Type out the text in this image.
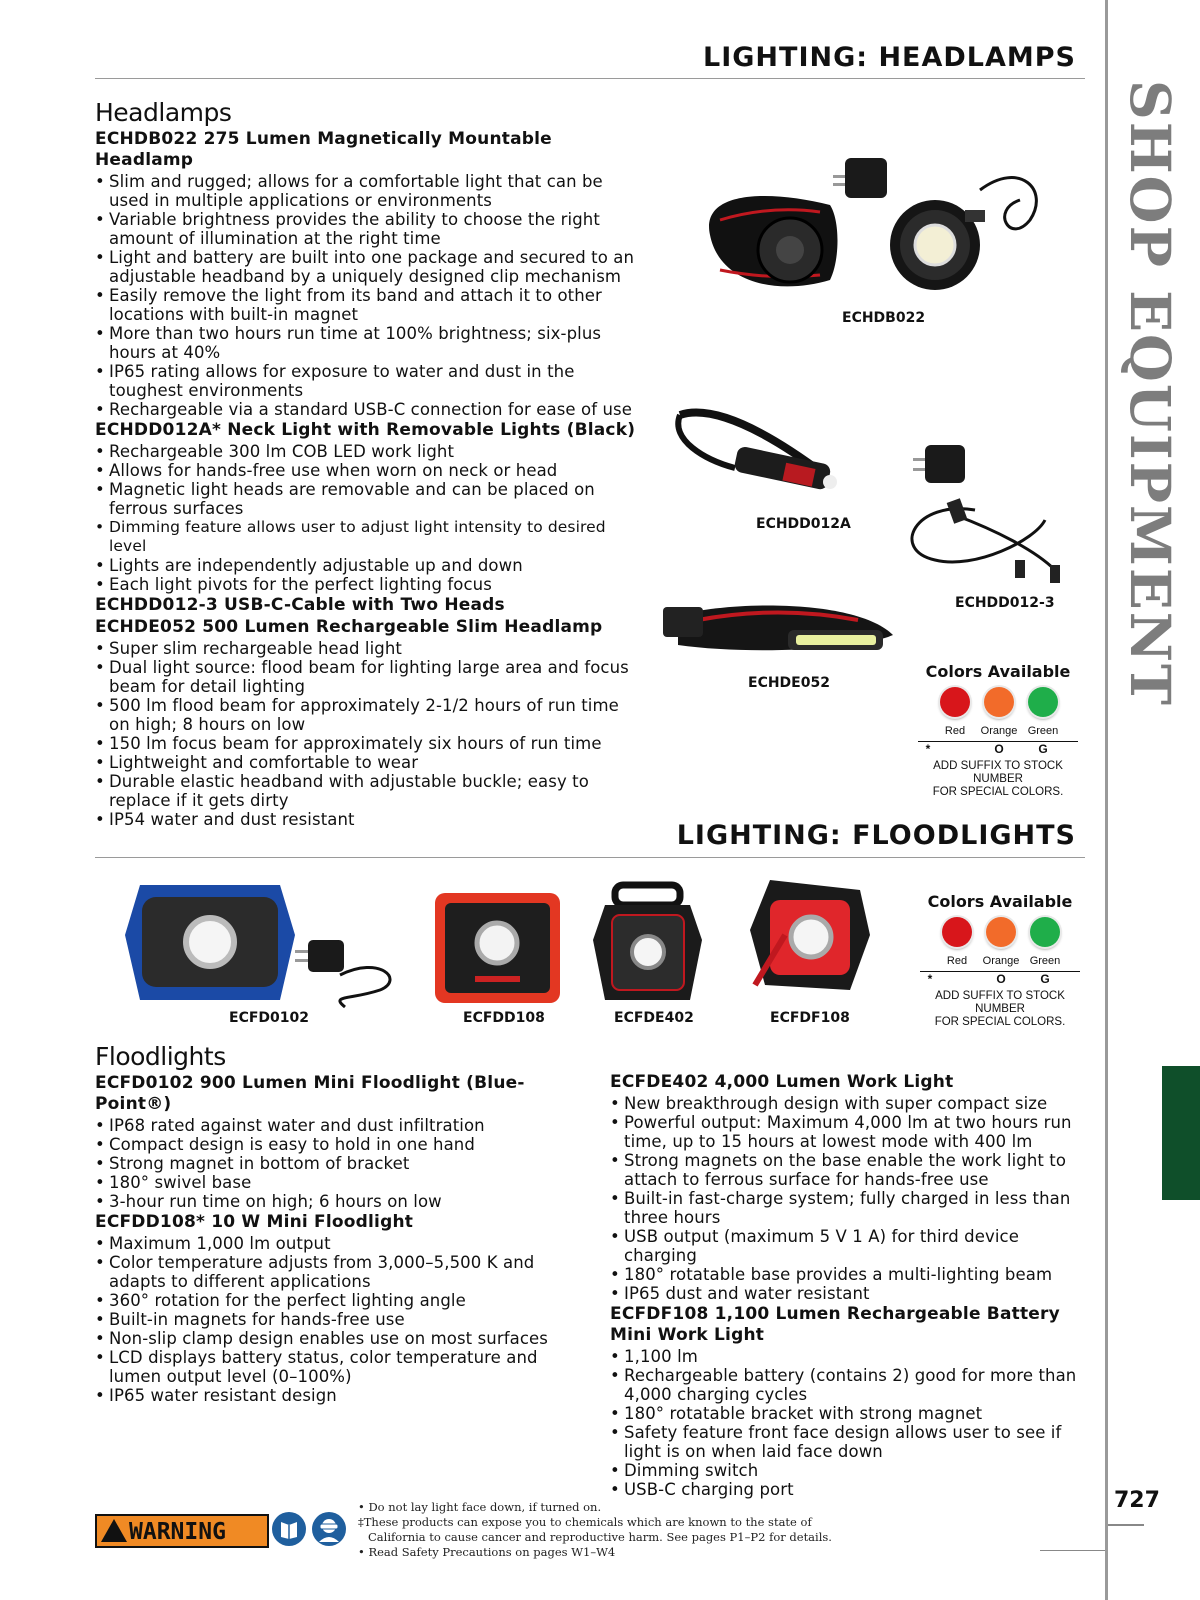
LIGHTING: HEADLAMPS
LIGHTING: FLOODLIGHTS
SHOP EQUIPMENT
727
Headlamps
ECHDB022 275 Lumen Magnetically Mountable Headlamp
• Slim and rugged; allows for a comfortable light that can be used in multiple applications or environments
• Variable brightness provides the ability to choose the right amount of illumination at the right time
• Light and battery are built into one package and secured to an adjustable headband by a uniquely designed clip mechanism
• Easily remove the light from its band and attach it to other locations with built-in magnet
• More than two hours run time at 100% brightness; six-plus hours at 40%
• IP65 rating allows for exposure to water and dust in the toughest environments
• Rechargeable via a standard USB-C connection for ease of use
ECHDD012A* Neck Light with Removable Lights (Black)
• Rechargeable 300 lm COB LED work light
• Allows for hands-free use when worn on neck or head
• Magnetic light heads are removable and can be placed on ferrous surfaces
• Dimming feature allows user to adjust light intensity to desired level
• Lights are independently adjustable up and down
• Each light pivots for the perfect lighting focus
ECHDD012-3 USB-C-Cable with Two Heads
ECHDE052 500 Lumen Rechargeable Slim Headlamp
• Super slim rechargeable head light
• Dual light source: flood beam for lighting large area and focus beam for detail lighting
• 500 lm flood beam for approximately 2-1/2 hours of run time on high; 8 hours on low
• 150 lm focus beam for approximately six hours of run time
• Lightweight and comfortable to wear
• Durable elastic headband with adjustable buckle; easy to replace if it gets dirty
• IP54 water and dust resistant
ECHDB022
ECHDD012A
ECHDD012-3
ECHDE052
Colors Available
Red Orange Green
*	O	G
ADD SUFFIX TO STOCK NUMBER
FOR SPECIAL COLORS.
ECFD0102	ECFDD108	ECFDE402	ECFDF108
Colors Available
Red Orange Green
*	O	G
ADD SUFFIX TO STOCK NUMBER
FOR SPECIAL COLORS.
Floodlights
ECFD0102 900 Lumen Mini Floodlight (Blue-Point®)
• IP68 rated against water and dust infiltration
• Compact design is easy to hold in one hand
• Strong magnet in bottom of bracket
• 180° swivel base
• 3-hour run time on high; 6 hours on low
ECFDD108* 10 W Mini Floodlight
• Maximum 1,000 lm output
• Color temperature adjusts from 3,000–5,500 K and adapts to different applications
• 360° rotation for the perfect lighting angle
• Built-in magnets for hands-free use
• Non-slip clamp design enables use on most surfaces
• LCD displays battery status, color temperature and lumen output level (0–100%)
• IP65 water resistant design
ECFDE402 4,000 Lumen Work Light
• New breakthrough design with super compact size
• Powerful output: Maximum 4,000 lm at two hours run time, up to 15 hours at lowest mode with 400 lm
• Strong magnets on the base enable the work light to attach to ferrous surface for hands-free use
• Built-in fast-charge system; fully charged in less than three hours
• USB output (maximum 5 V 1 A) for third device charging
• 180° rotatable base provides a multi-lighting beam
• IP65 dust and water resistant
ECFDF108 1,100 Lumen Rechargeable Battery Mini Work Light
• 1,100 lm
• Rechargeable battery (contains 2) good for more than 4,000 charging cycles
• 180° rotatable bracket with strong magnet
• Safety feature front face design allows user to see if light is on when laid face down
• Dimming switch
• USB-C charging port
WARNING
• Do not lay light face down, if turned on.
‡These products can expose you to chemicals which are known to the state of
California to cause cancer and reproductive harm. See pages P1–P2 for details.
• Read Safety Precautions on pages W1–W4
